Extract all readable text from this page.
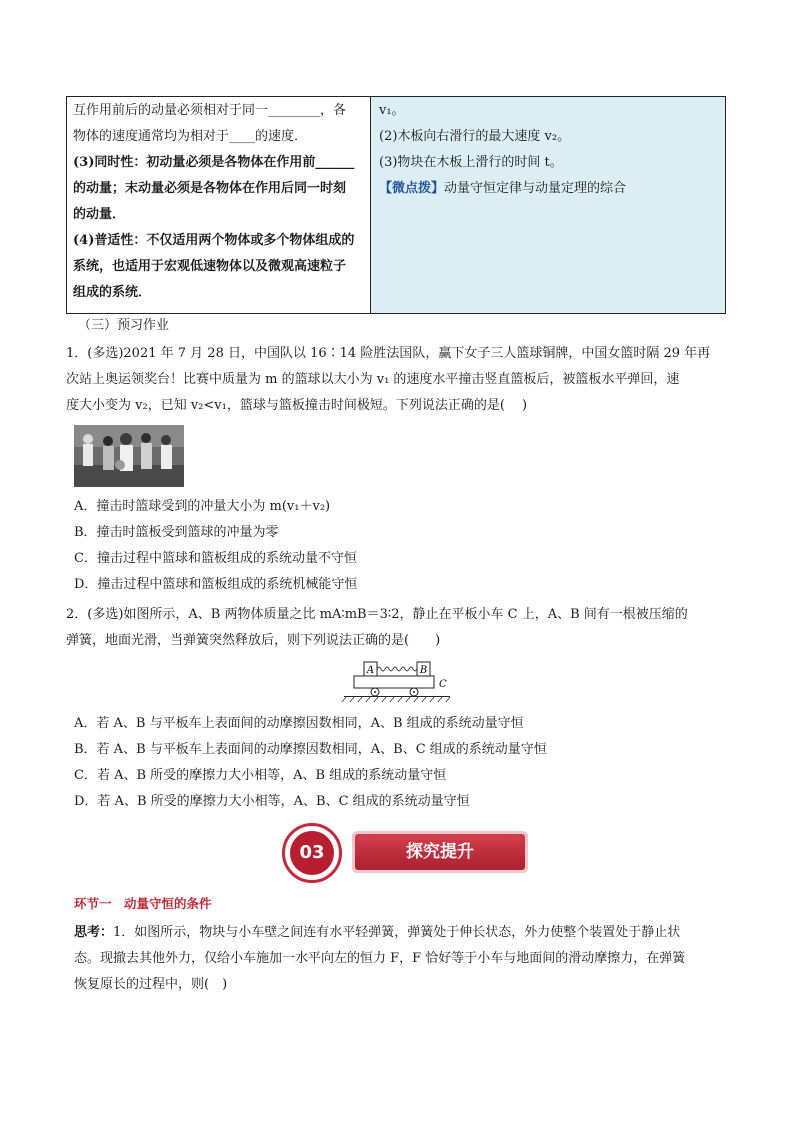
互作用前后的动量必须相对于同一________，各
物体的速度通常均为相对于____的速度．
(3)同时性：初动量必须是各物体在作用前______
的动量；末动量必须是各物体在作用后同一时刻
的动量．
(4)普适性：不仅适用两个物体或多个物体组成的
系统，也适用于宏观低速物体以及微观高速粒子
组成的系统．
v₁。
(2)木板向右滑行的最大速度 v₂。
(3)物块在木板上滑行的时间 t。
【微点拨】动量守恒定律与动量定理的综合
（三）预习作业
1．(多选)2021 年 7 月 28 日，中国队以 16∶14 险胜法国队，赢下女子三人篮球铜牌，中国女篮时隔 29 年再
次站上奥运领奖台！比赛中质量为 m 的篮球以大小为 v₁ 的速度水平撞击竖直篮板后，被篮板水平弹回，速
度大小变为 v₂，已知 v₂<v₁，篮球与篮板撞击时间极短。下列说法正确的是(　 )
A．撞击时篮球受到的冲量大小为 m(v₁＋v₂)
B．撞击时篮板受到篮球的冲量为零
C．撞击过程中篮球和篮板组成的系统动量不守恒
D．撞击过程中篮球和篮板组成的系统机械能守恒
2．(多选)如图所示，A、B 两物体质量之比 mA∶mB＝3∶2，静止在平板小车 C 上，A、B 间有一根被压缩的
弹簧，地面光滑，当弹簧突然释放后，则下列说法正确的是(　　)
A	B
C
A．若 A、B 与平板车上表面间的动摩擦因数相同，A、B 组成的系统动量守恒
B．若 A、B 与平板车上表面间的动摩擦因数相同，A、B、C 组成的系统动量守恒
C．若 A、B 所受的摩擦力大小相等，A、B 组成的系统动量守恒
D．若 A、B 所受的摩擦力大小相等，A、B、C 组成的系统动量守恒
03	探究提升
环节一　动量守恒的条件
思考：1．如图所示，物块与小车壁之间连有水平轻弹簧，弹簧处于伸长状态，外力使整个装置处于静止状
态。现撤去其他外力，仅给小车施加一水平向左的恒力 F，F 恰好等于小车与地面间的滑动摩擦力，在弹簧
恢复原长的过程中，则(　)
